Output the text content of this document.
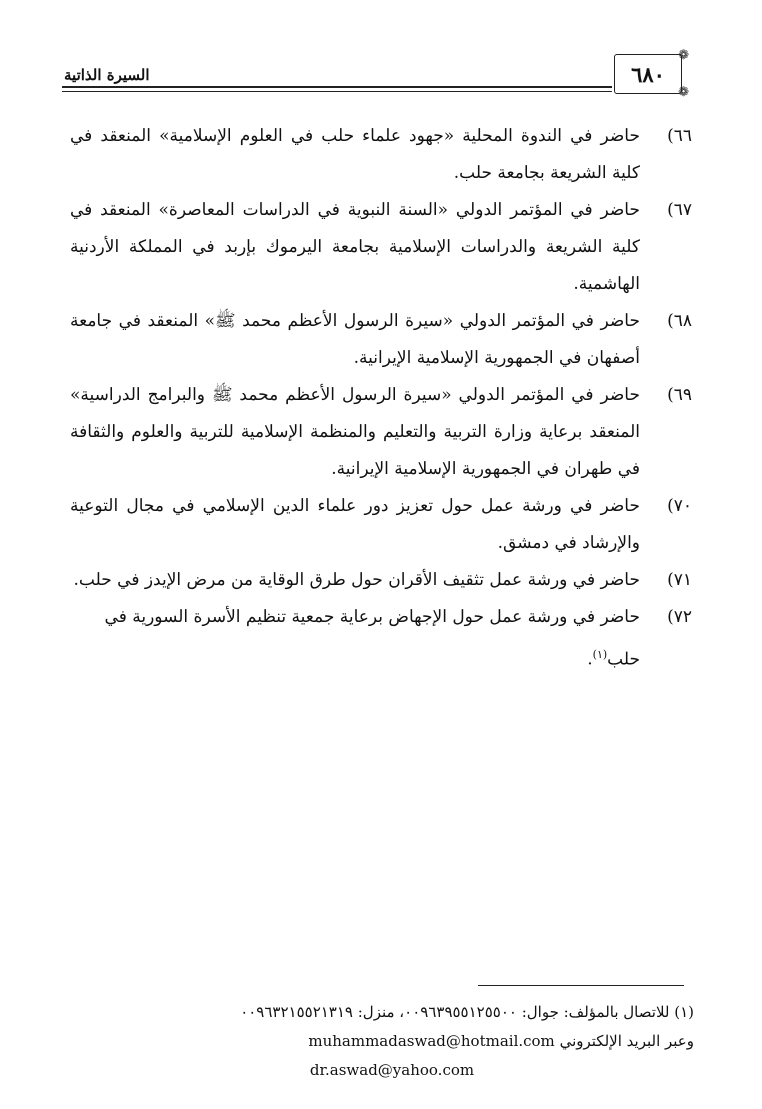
السيرة الذاتية
❁
❁
٦٨٠
٦٦)
حاضر في الندوة المحلية «جهود علماء حلب في العلوم الإسلامية» المنعقد في كلية الشريعة بجامعة حلب.
٦٧)
حاضر في المؤتمر الدولي «السنة النبوية في الدراسات المعاصرة» المنعقد في كلية الشريعة والدراسات الإسلامية بجامعة اليرموك بإربد في المملكة الأردنية الهاشمية.
٦٨)
حاضر في المؤتمر الدولي «سيرة الرسول الأعظم محمد ﷺ» المنعقد في جامعة أصفهان في الجمهورية الإسلامية الإيرانية.
٦٩)
حاضر في المؤتمر الدولي «سيرة الرسول الأعظم محمد ﷺ والبرامج الدراسية» المنعقد برعاية وزارة التربية والتعليم والمنظمة الإسلامية للتربية والعلوم والثقافة في طهران في الجمهورية الإسلامية الإيرانية.
٧٠)
حاضر في ورشة عمل حول تعزيز دور علماء الدين الإسلامي في مجال التوعية والإرشاد في دمشق.
٧١)
حاضر في ورشة عمل تثقيف الأقران حول طرق الوقاية من مرض الإيدز في حلب.
٧٢)
حاضر في ورشة عمل حول الإجهاض برعاية جمعية تنظيم الأسرة السورية في حلب$^{(١)}$.
(١) للاتصال بالمؤلف: جوال: ٠٠٩٦٣٩٥٥١٢٥٥٠٠، منزل: ٠٠٩٦٣٢١٥٥٢١٣١٩
وعبر البريد الإلكتروني muhammadaswad@hotmail.com
dr.aswad@yahoo.com
